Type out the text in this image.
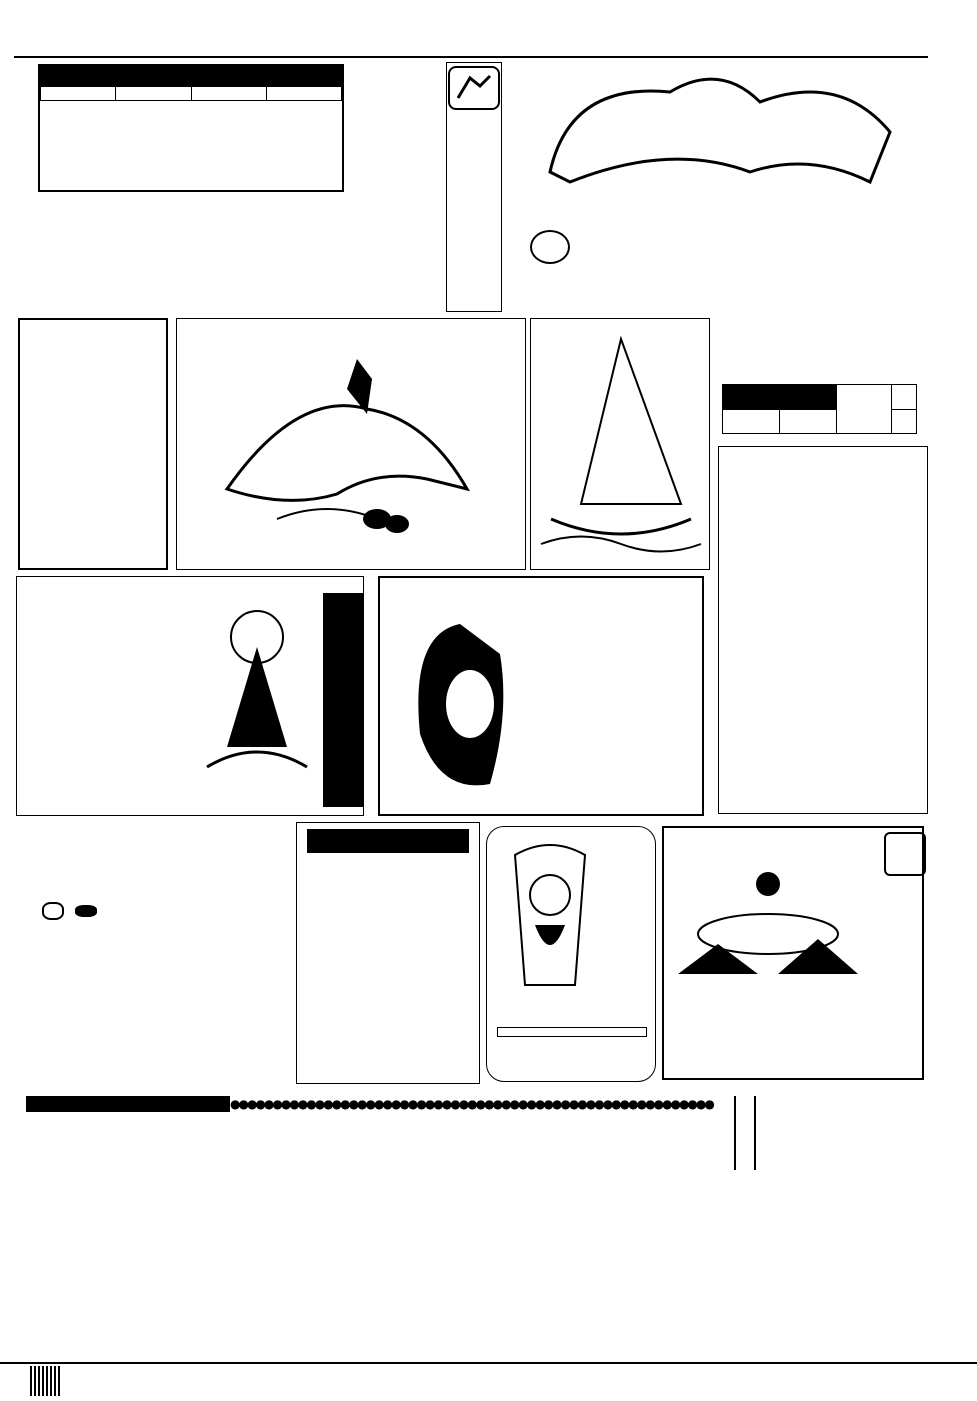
●●●●●●●●●●●●●●●●●●●●●●●●●●●●●●●●●●●●●●●●●●●●●●●●●●●●●●●●●
